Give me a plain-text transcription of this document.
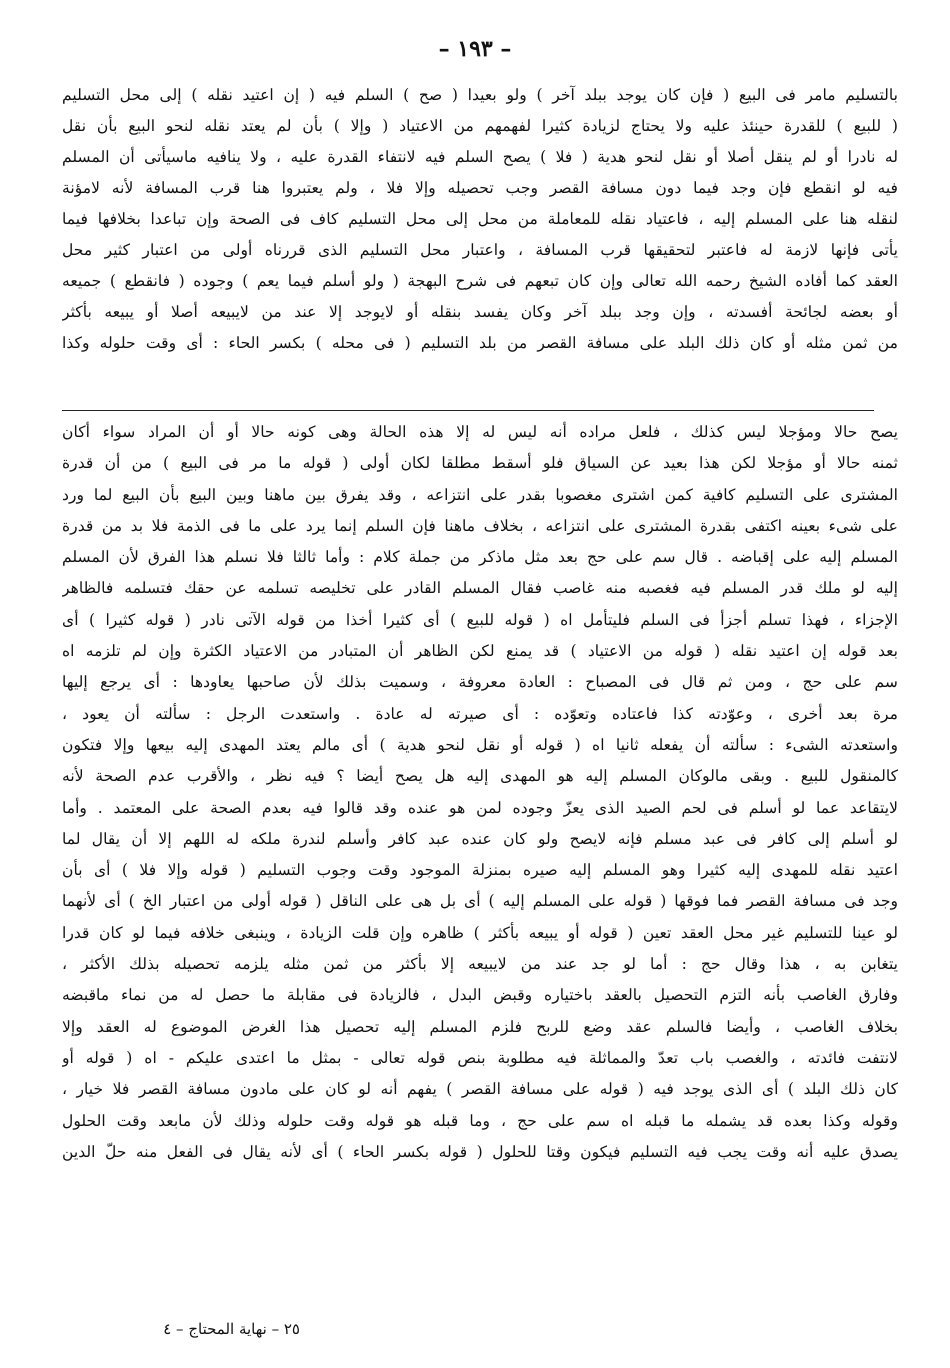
– ١٩٣ –
بالتسليم مامر فى البيع ( فإن كان يوجد ببلد آخر ) ولو بعيدا ( صح ) السلم فيه ( إن اعتيد نقله ) إلى محل التسليم
( للبيع ) للقدرة حينئذ عليه ولا يحتاج لزيادة كثيرا لفهمهم من الاعتياد ( وإلا ) بأن لم يعتد نقله لنحو البيع بأن نقل
له نادرا أو لم ينقل أصلا أو نقل لنحو هدية ( فلا ) يصح السلم فيه لانتفاء القدرة عليه ، ولا ينافيه ماسيأتى أن المسلم
فيه لو انقطع فإن وجد فيما دون مسافة القصر وجب تحصيله وإلا فلا ، ولم يعتبروا هنا قرب المسافة لأنه لامؤنة
لنقله هنا على المسلم إليه ، فاعتياد نقله للمعاملة من محل إلى محل التسليم كاف فى الصحة وإن تباعدا بخلافها فيما
يأتى فإنها لازمة له فاعتبر لتحقيقها قرب المسافة ، واعتبار محل التسليم الذى قررناه أولى من اعتبار كثير محل
العقد كما أفاده الشيخ رحمه الله تعالى وإن كان تبعهم فى شرح البهجة ( ولو أسلم فيما يعم ) وجوده ( فانقطع ) جميعه
أو بعضه لجائحة أفسدته ، وإن وجد ببلد آخر وكان يفسد بنقله أو لايوجد إلا عند من لايبيعه أصلا أو يبيعه بأكثر
من ثمن مثله أو كان ذلك البلد على مسافة القصر من بلد التسليم ( فى محله ) بكسر الحاء : أى وقت حلوله وكذا
يصح حالا ومؤجلا ليس كذلك ، فلعل مراده أنه ليس له إلا هذه الحالة وهى كونه حالا أو أن المراد سواء أكان
ثمنه حالا أو مؤجلا لكن هذا بعيد عن السياق فلو أسقط مطلقا لكان أولى ( قوله ما مر فى البيع ) من أن قدرة
المشترى على التسليم كافية كمن اشترى مغصوبا بقدر على انتزاعه ، وقد يفرق بين ماهنا وبين البيع بأن البيع لما ورد
على شىء بعينه اكتفى بقدرة المشترى على انتزاعه ، بخلاف ماهنا فإن السلم إنما يرد على ما فى الذمة فلا بد من قدرة
المسلم إليه على إقباضه . قال سم على حج بعد مثل ماذكر من جملة كلام : وأما ثالثا فلا نسلم هذا الفرق لأن المسلم
إليه لو ملك قدر المسلم فيه فغصبه منه غاصب فقال المسلم القادر على تخليصه تسلمه عن حقك فتسلمه فالظاهر
الإجزاء ، فهذا تسلم أجزأ فى السلم فليتأمل اه ( قوله للبيع ) أى كثيرا أخذا من قوله الآتى نادر ( قوله كثيرا ) أى
بعد قوله إن اعتيد نقله ( قوله من الاعتياد ) قد يمنع لكن الظاهر أن المتبادر من الاعتياد الكثرة وإن لم تلزمه اه
سم على حج ، ومن ثم قال فى المصباح : العادة معروفة ، وسميت بذلك لأن صاحبها يعاودها : أى يرجع إليها
مرة بعد أخرى ، وعوّدته كذا فاعتاده وتعوّده : أى صيرته له عادة . واستعدت الرجل : سألته أن يعود ،
واستعدته الشىء : سألته أن يفعله ثانيا اه ( قوله أو نقل لنحو هدية ) أى مالم يعتد المهدى إليه بيعها وإلا فتكون
كالمنقول للبيع . وبقى مالوكان المسلم إليه هو المهدى إليه هل يصح أيضا ؟ فيه نظر ، والأقرب عدم الصحة لأنه
لايتقاعد عما لو أسلم فى لحم الصيد الذى يعزّ وجوده لمن هو عنده وقد قالوا فيه بعدم الصحة على المعتمد . وأما
لو أسلم إلى كافر فى عبد مسلم فإنه لايصح ولو كان عنده عبد كافر وأسلم لندرة ملكه له اللهم إلا أن يقال لما
اعتيد نقله للمهدى إليه كثيرا وهو المسلم إليه صيره بمنزلة الموجود وقت وجوب التسليم ( قوله وإلا فلا ) أى بأن
وجد فى مسافة القصر فما فوقها ( قوله على المسلم إليه ) أى بل هى على الناقل ( قوله أولى من اعتبار الخ ) أى لأنهما
لو عينا للتسليم غير محل العقد تعين ( قوله أو يبيعه بأكثر ) ظاهره وإن قلت الزيادة ، وينبغى خلافه فيما لو كان قدرا
يتغابن به ، هذا وقال حج : أما لو جد عند من لايبيعه إلا بأكثر من ثمن مثله يلزمه تحصيله بذلك الأكثر ،
وفارق الغاصب بأنه التزم التحصيل بالعقد باختياره وقبض البدل ، فالزيادة فى مقابلة ما حصل له من نماء ماقبضه
بخلاف الغاصب ، وأيضا فالسلم عقد وضع للربح فلزم المسلم إليه تحصيل هذا الغرض الموضوع له العقد وإلا
لانتفت فائدته ، والغصب باب تعدّ والمماثلة فيه مطلوبة بنص قوله تعالى - بمثل ما اعتدى عليكم - اه ( قوله أو
كان ذلك البلد ) أى الذى يوجد فيه ( قوله على مسافة القصر ) يفهم أنه لو كان على مادون مسافة القصر فلا خيار ،
وقوله وكذا بعده قد يشمله ما قبله اه سم على حج ، وما قبله هو قوله وقت حلوله وذلك لأن مابعد وقت الحلول
يصدق عليه أنه وقت يجب فيه التسليم فيكون وقتا للحلول ( قوله بكسر الحاء ) أى لأنه يقال فى الفعل منه حلّ الدين
٢٥ – نهاية المحتاج – ٤
